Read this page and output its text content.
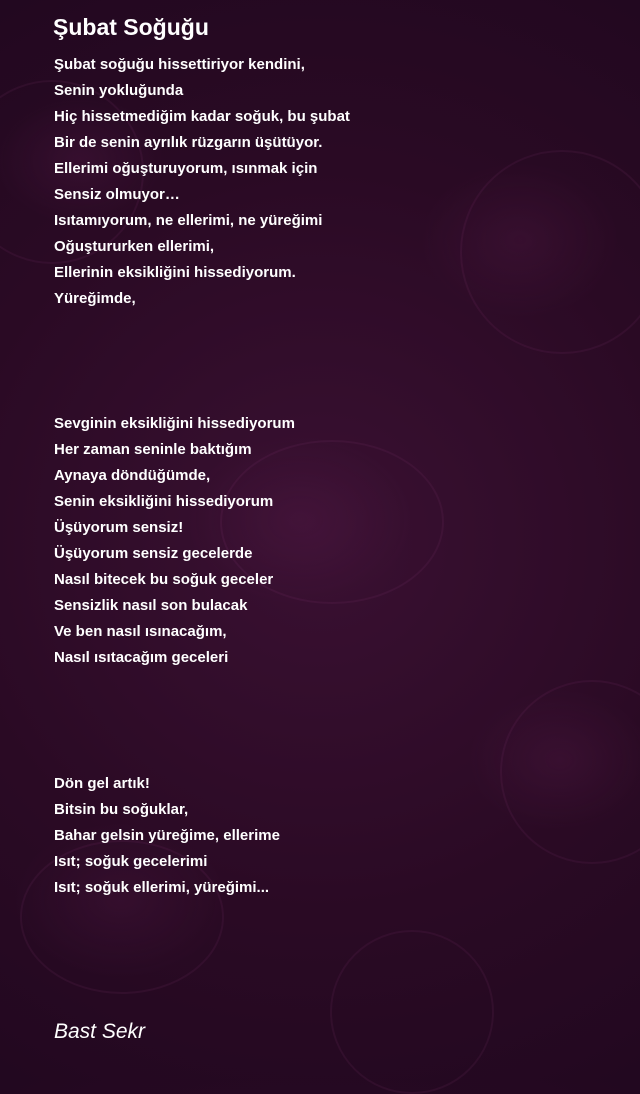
Şubat Soğuğu
Şubat soğuğu hissettiriyor kendini,
Senin yokluğunda
Hiç hissetmediğim kadar soğuk, bu şubat
Bir de senin ayrılık rüzgarın üşütüyor.
Ellerimi oğuşturuyorum, ısınmak için
Sensiz olmuyor…
Isıtamıyorum, ne ellerimi, ne yüreğimi
Oğuştururken ellerimi,
Ellerinin eksikliğini hissediyorum.
Yüreğimde,
Sevginin eksikliğini hissediyorum
Her zaman seninle baktığım
Aynaya döndüğümde,
Senin eksikliğini hissediyorum
Üşüyorum sensiz!
Üşüyorum sensiz gecelerde
Nasıl bitecek bu soğuk geceler
Sensizlik nasıl son bulacak
Ve ben nasıl ısınacağım,
Nasıl ısıtacağım geceleri
Dön gel artık!
Bitsin bu soğuklar,
Bahar gelsin yüreğime, ellerime
Isıt; soğuk gecelerimi
Isıt; soğuk ellerimi, yüreğimi...

Bast Sekr
